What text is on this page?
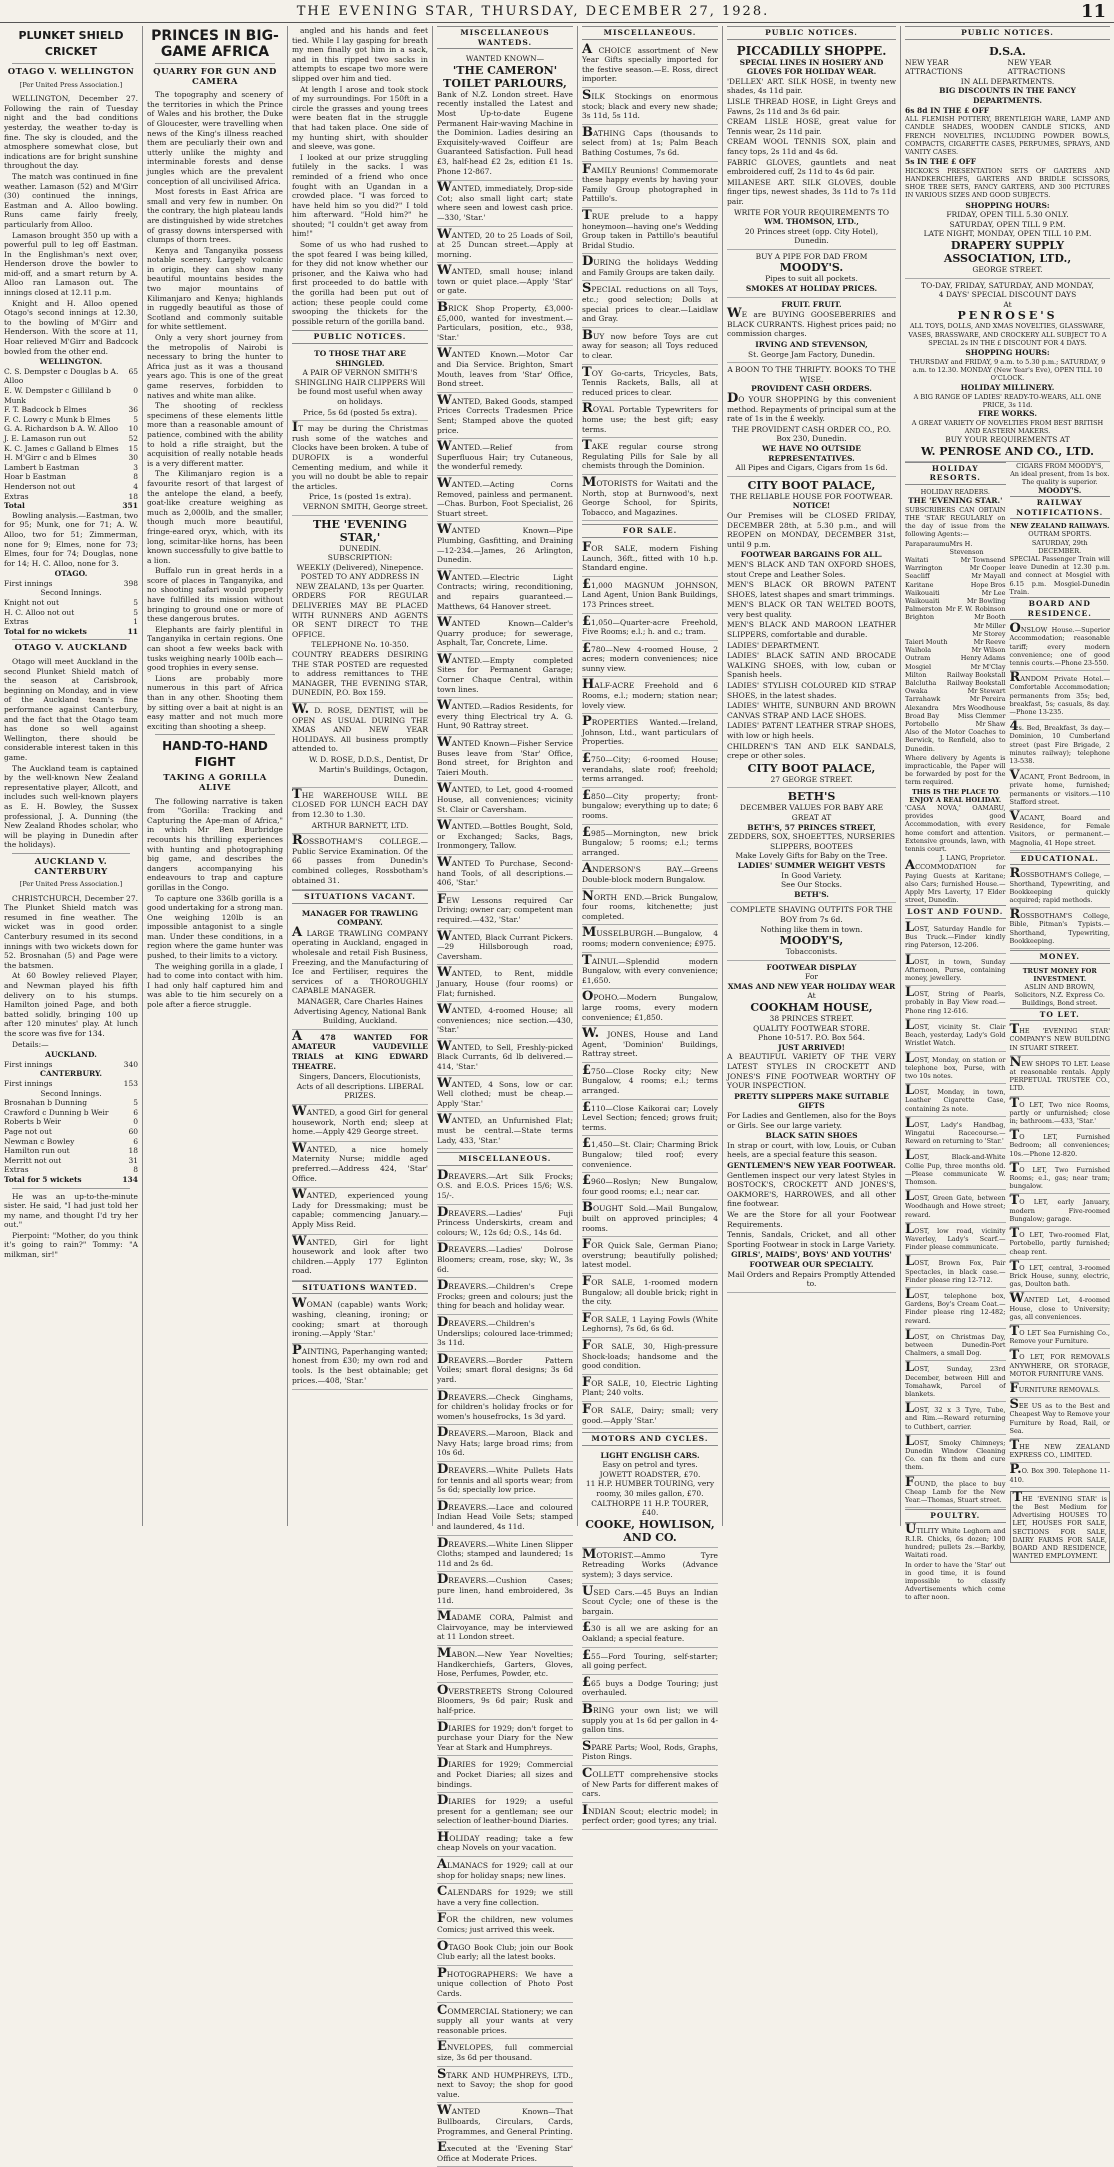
THE EVENING STAR, THURSDAY, DECEMBER 27, 1928.	11
PLUNKET SHIELD CRICKET
OTAGO V. WELLINGTON
[Per United Press Association.]
WELLINGTON, December 27. Following the rain of Tuesday night and the bad conditions yesterday, the weather to-day is fine. The sky is clouded, and the atmosphere somewhat close, but indications are for bright sunshine throughout the day.
The match was continued in fine weather. Lamason (52) and M'Girr (30) continued the innings, Eastman and A. Alloo bowling. Runs came fairly freely, particularly from Alloo.
Lamason brought 350 up with a powerful pull to leg off Eastman. In the Englishman's next over, Henderson drove the bowler to mid-off, and a smart return by A. Alloo ran Lamason out. The innings closed at 12.11 p.m.
Knight and H. Alloo opened Otago's second innings at 12.30, to the bowling of M'Girr and Henderson. With the score at 11, Hoar relieved M'Girr and Badcock bowled from the other end.
WELLINGTON.
C. S. Dempster c Douglas b A. Alloo
65
E. W. Dempster c Gilliland b Munk
0
F. T. Badcock b Elmes	36
F. C. Lowry c Munk b Elmes	5
G. A. Richardson b A. W. Alloo	10
J. E. Lamason run out	52
K. C. James c Galland b Elmes	15
H. M'Girr c and b Elmes	30
Lambert b Eastman	3
Hoar b Eastman	8
Henderson not out	4
Extras	18
Total	351
Bowling analysis.—Eastman, two for 95; Munk, one for 71; A. W. Alloo, two for 51; Zimmerman, none for 9; Elmes, none for 73; Elmes, four for 74; Douglas, none for 14; H. C. Alloo, none for 3.
OTAGO.
First innings	398
Second Innings.
Knight not out	5
H. C. Alloo not out	5
Extras	1
Total for no wickets	11
OTAGO V. AUCKLAND
Otago will meet Auckland in the second Plunket Shield match of the season at Carisbrook, beginning on Monday, and in view of the Auckland team's fine performance against Canterbury, and the fact that the Otago team has done so well against Wellington, there should be considerable interest taken in this game.
The Auckland team is captained by the well-known New Zealand representative player, Allcott, and includes such well-known players as E. H. Bowley, the Sussex professional, J. A. Dunning (the New Zealand Rhodes scholar, who will be playing in Dunedin after the holidays).
AUCKLAND V. CANTERBURY
[Per United Press Association.]
CHRISTCHURCH, December 27. The Plunket Shield match was resumed in fine weather. The wicket was in good order. Canterbury resumed in its second innings with two wickets down for 52. Brosnahan (5) and Page were the batsmen.
At 60 Bowley relieved Player, and Newman played his fifth delivery on to his stumps. Hamilton joined Page, and both batted solidly, bringing 100 up after 120 minutes' play. At lunch the score was five for 134.
Details:—
AUCKLAND.
First innings	340
CANTERBURY.
First innings	153
Second Innings.
Brosnahan b Dunning	5
Crawford c Dunning b Weir	6
Roberts b Weir	0
Page not out	60
Newman c Bowley	6
Hamilton run out	18
Merritt not out	31
Extras	8
Total for 5 wickets	134
He was an up-to-the-minute sister. He said, "I had just told her my name, and thought I'd try her out."
Pierpoint: "Mother, do you think it's going to rain?" Tommy: "A milkman, sir!"
PRINCES IN BIG-GAME AFRICA
QUARRY FOR GUN AND CAMERA
The topography and scenery of the territories in which the Prince of Wales and his brother, the Duke of Gloucester, were travelling when news of the King's illness reached them are peculiarly their own and utterly unlike the mighty and interminable forests and dense jungles which are the prevalent conception of all uncivilised Africa.
Most forests in East Africa are small and very few in number. On the contrary, the high plateau lands are distinguished by wide stretches of grassy downs interspersed with clumps of thorn trees.
Kenya and Tanganyika possess notable scenery. Largely volcanic in origin, they can show many beautiful mountains besides the two major mountains of Kilimanjaro and Kenya; highlands in ruggedly beautiful as those of Scotland and commonly suitable for white settlement.
Only a very short journey from the metropolis of Nairobi is necessary to bring the hunter to Africa just as it was a thousand years ago. This is one of the great game reserves, forbidden to natives and white man alike.
The shooting of reckless specimens of these elements little more than a reasonable amount of patience, combined with the ability to hold a rifle straight, but the acquisition of really notable heads is a very different matter.
The Kilimanjaro region is a favourite resort of that largest of the antelope the eland, a beefy, goat-like creature weighing as much as 2,000lb, and the smaller, though much more beautiful, fringe-eared oryx, which, with its long, scimitar-like horns, has been known successfully to give battle to a lion.
Buffalo run in great herds in a score of places in Tanganyika, and no shooting safari would properly have fulfilled its mission without bringing to ground one or more of these dangerous brutes.
Elephants are fairly plentiful in Tanganyika in certain regions. One can shoot a few weeks back with tusks weighing nearly 100lb each—good trophies in every sense.
Lions are probably more numerous in this part of Africa than in any other. Shooting them by sitting over a bait at night is an easy matter and not much more exciting than shooting a sheep.
HAND-TO-HAND FIGHT
TAKING A GORILLA ALIVE
The following narrative is taken from "Gorilla: Tracking and Capturing the Ape-man of Africa," in which Mr Ben Burbridge recounts his thrilling experiences with hunting and photographing big game, and describes the dangers accompanying his endeavours to trap and capture gorillas in the Congo.
To capture one 336lb gorilla is a good undertaking for a strong man. One weighing 120lb is an impossible antagonist to a single man. Under these conditions, in a region where the game hunter was pushed, to their limits to a victory.
The weighing gorilla in a glade, I had to come into contact with him. I had only half captured him and was able to tie him securely on a pole after a fierce struggle.
angled and his hands and feet tied. While I lay gasping for breath my men finally got him in a sack, and in this ripped two sacks in attempts to escape two more were slipped over him and tied.
At length I arose and took stock of my surroundings. For 150ft in a circle the grasses and young trees were beaten flat in the struggle that had taken place. One side of my hunting shirt, with shoulder and sleeve, was gone.
I looked at our prize struggling futilely in the sacks. I was reminded of a friend who once fought with an Ugandan in a crowded place. "I was forced to have held him so you did?" I told him afterward. "Hold him?" he shouted; "I couldn't get away from him!"
Some of us who had rushed to the spot feared I was being killed, for they did not know whether our prisoner, and the Kaiwa who had first proceeded to do battle with the gorilla had been put out of action; these people could come swooping the thickets for the possible return of the gorilla band.
PUBLIC NOTICES.
TO THOSE THAT ARE SHINGLED.
A PAIR OF VERNON SMITH'S SHINGLING HAIR CLIPPERS Will be found most useful when away on holidays.
Price, 5s 6d (posted 5s extra).
IT may be during the Christmas rush some of the watches and Clocks have been broken. A tube of DUROFIX is a wonderful Cementing medium, and while it you will no doubt be able to repair the articles.
Price, 1s (posted 1s extra).
VERNON SMITH, George street.
THE 'EVENING STAR,'
DUNEDIN.
SUBSCRIPTION:
WEEKLY (Delivered), Ninepence.
POSTED TO ANY ADDRESS IN NEW ZEALAND, 13s per Quarter.
ORDERS FOR REGULAR DELIVERIES MAY BE PLACED WITH RUNNERS AND AGENTS OR SENT DIRECT TO THE OFFICE.
TELEPHONE No. 10-350.
COUNTRY READERS DESIRING THE STAR POSTED are requested to address remittances to THE MANAGER, THE EVENING STAR, DUNEDIN, P.O. Box 159.
W. D. ROSE, DENTIST, will be OPEN AS USUAL DURING THE XMAS AND NEW YEAR HOLIDAYS. All business promptly attended to.
W. D. ROSE, D.D.S., Dentist, Dr Martin's Buildings, Octagon, Dunedin.
THE WAREHOUSE WILL BE CLOSED FOR LUNCH EACH DAY from 12.30 to 1.30.
ARTHUR BARNETT, LTD.
ROSSBOTHAM'S COLLEGE.—Public Service Examination. Of the 66 passes from Dunedin's combined colleges, Rossbotham's obtained 31.
SITUATIONS VACANT.
MANAGER FOR TRAWLING COMPANY.
A LARGE TRAWLING COMPANY operating in Auckland, engaged in wholesale and retail Fish Business, Freezing, and the Manufacturing of Ice and Fertiliser, requires the services of a THOROUGHLY CAPABLE MANAGER.
MANAGER, Care Charles Haines Advertising Agency, National Bank Building, Auckland.
A 478 WANTED FOR AMATEUR VAUDEVILLE TRIALS at KING EDWARD THEATRE.
Singers, Dancers, Elocutionists, Acts of all descriptions. LIBERAL PRIZES.
WANTED, a good Girl for general housework, North end; sleep at home.—Apply 429 George street.
WANTED, a nice homely Maternity Nurse; middle aged preferred.—Address 424, 'Star' Office.
WANTED, experienced young Lady for Dressmaking; must be capable; commencing January.—Apply Miss Reid.
WANTED, Girl for light housework and look after two children.—Apply 177 Eglinton road.
SITUATIONS WANTED.
WOMAN (capable) wants Work; washing, cleaning, ironing; or cooking; smart at thorough ironing.—Apply 'Star.'
PAINTING, Paperhanging wanted; honest from £30; my own rod and tools. Is the best obtainable; get prices.—408, 'Star.'
MISCELLANEOUS WANTEDS.
WANTED KNOWN—
'THE CAMERON' TOILET PARLOURS,
Bank of N.Z. London street. Have recently installed the Latest and Most Up-to-date Eugene Permanent Hair-waving Machine in the Dominion. Ladies desiring an Exquisitely-waved Coiffeur are Guaranteed Satisfaction. Full head £3, half-head £2 2s, edition £1 1s. Phone 12-867.
WANTED, immediately, Drop-side Cot; also small light cart; state where seen and lowest cash price.—330, 'Star.'
WANTED, 20 to 25 Loads of Soil, at 25 Duncan street.—Apply at morning.
WANTED, small house; inland town or quiet place.—Apply 'Star' or gate.
BRICK Shop Property, £3,000-£5,000, wanted for investment.—Particulars, position, etc., 938, 'Star.'
WANTED Known.—Motor Car and Dia Service. Brighton, Smart Mouth, leaves from 'Star' Office, Bond street.
WANTED, Baked Goods, stamped Prices Corrects Tradesmen Price Sent; Stamped above the quoted price.
WANTED.—Relief from Superfluous Hair; try Cutaneous, the wonderful remedy.
WANTED.—Acting Corns Removed, painless and permanent.—Chas. Burbon, Foot Specialist, 26 Stuart street.
WANTED Known—Pipe Plumbing, Gasfitting, and Draining—12-234.—James, 26 Arlington, Dunedin.
WANTED.—Electric Light Contracts; wiring, reconditioning, and repairs guaranteed.—Matthews, 64 Hanover street.
WANTED Known—Calder's Quarry produce; for sewerage, Asphalt, Tar, Concrete, Lime.
WANTED.—Empty completed Sites for Permanent Garage; Corner Chaque Central, within town lines.
WANTED.—Radios Residents, for every thing Electrical try A. G. Hunt, 90 Rattray street.
WANTED Known—Fisher Service Buses leave from 'Star' Office, Bond street, for Brighton and Taieri Mouth.
WANTED, to Let, good 4-roomed House, all conveniences; vicinity St. Clair or Caversham.
WANTED.—Bottles Bought, Sold, or Exchanged; Sacks, Bags, Ironmongery, Tallow.
WANTED To Purchase, Second-hand Tools, of all descriptions.—406, 'Star.'
FEW Lessons required Car Driving; owner car; competent man required.—432, 'Star.'
WANTED, Black Currant Pickers.—29 Hillsborough road, Caversham.
WANTED, to Rent, middle January, House (four rooms) or Flat; furnished.
WANTED, 4-roomed House; all conveniences; nice section.—430, 'Star.'
WANTED, to Sell, Freshly-picked Black Currants, 6d lb delivered.—414, 'Star.'
WANTED, 4 Sons, low or car. Well clothed; must be cheap.—Apply 'Star.'
WANTED, an Unfurnished Flat; must be central.—State terms Lady, 433, 'Star.'
MISCELLANEOUS.
DREAVERS.—Art Silk Frocks; O.S. and E.O.S. Prices 15/6; W.S. 15/-.
DREAVERS.—Ladies' Fuji Princess Underskirts, cream and colours; W., 12s 6d; O.S., 14s 6d.
DREAVERS.—Ladies' Dolrose Bloomers; cream, rose, sky; W., 3s 6d.
DREAVERS.—Children's Crepe Frocks; green and colours; just the thing for beach and holiday wear.
DREAVERS.—Children's Underslips; coloured lace-trimmed; 3s 11d.
DREAVERS.—Border Pattern Voiles; smart floral designs; 3s 6d yard.
DREAVERS.—Check Ginghams, for children's holiday frocks or for women's housefrocks, 1s 3d yard.
DREAVERS.—Maroon, Black and Navy Hats; large broad rims; from 10s 6d.
DREAVERS.—White Pullets Hats for tennis and all sports wear; from 5s 6d; specially low price.
DREAVERS.—Lace and coloured Indian Head Voile Sets; stamped and laundered, 4s 11d.
DREAVERS.—White Linen Slipper Cloths; stamped and laundered; 1s 11d and 2s 6d.
DREAVERS.—Cushion Cases; pure linen, hand embroidered, 3s 11d.
MADAME CORA, Palmist and Clairvoyance, may be interviewed at 11 London street.
MABON.—New Year Novelties; Handkerchiefs, Garters, Gloves, Hose, Perfumes, Powder, etc.
OVERSTREETS Strong Coloured Bloomers, 9s 6d pair; Rusk and half-price.
DIARIES for 1929; don't forget to purchase your Diary for the New Year at Stark and Humphreys.
DIARIES for 1929; Commercial and Pocket Diaries; all sizes and bindings.
DIARIES for 1929; a useful present for a gentleman; see our selection of leather-bound Diaries.
HOLIDAY reading; take a few cheap Novels on your vacation.
ALMANACS for 1929; call at our shop for holiday snaps; new lines.
CALENDARS for 1929; we still have a very fine collection.
FOR the children, new volumes Comics; just arrived this week.
OTAGO Book Club; join our Book Club early; all the latest books.
PHOTOGRAPHERS: We have a unique collection of Photo Post Cards.
COMMERCIAL Stationery; we can supply all your wants at very reasonable prices.
ENVELOPES, full commercial size, 3s 6d per thousand.
STARK AND HUMPHREYS, LTD., next to Savoy; the shop for good value.
WANTED Known—That Bullboards, Circulars, Cards, Programmes, and General Printing.
Executed at the 'Evening Star' Office at Moderate Prices.
MISCELLANEOUS.
A CHOICE assortment of New Year Gifts specially imported for the festive season.—E. Ross, direct importer.
SILK Stockings on enormous stock; black and every new shade; 3s 11d, 5s 11d.
BATHING Caps (thousands to select from) at 1s; Palm Beach Bathing Costumes, 7s 6d.
FAMILY Reunions! Commemorate these happy events by having your Family Group photographed in Pattillo's.
TRUE prelude to a happy honeymoon—having one's Wedding Group taken in Pattillo's beautiful Bridal Studio.
DURING the holidays Wedding and Family Groups are taken daily.
SPECIAL reductions on all Toys, etc.; good selection; Dolls at special prices to clear.—Laidlaw and Gray.
BUY now before Toys are cut away for season; all Toys reduced to clear.
TOY Go-carts, Tricycles, Bats, Tennis Rackets, Balls, all at reduced prices to clear.
ROYAL Portable Typewriters for home use; the best gift; easy terms.
TAKE regular course strong Regulating Pills for Sale by all chemists through the Dominion.
MOTORISTS for Waitati and the North, stop at Burnwood's, next George School, for Spirits, Tobacco, and Magazines.
FOR SALE.
FOR SALE, modern Fishing Launch, 36ft., fitted with 10 h.p. Standard engine.
£1,000 MAGNUM JOHNSON, Land Agent, Union Bank Buildings, 173 Princes street.
£1,050—Quarter-acre Freehold, Five Rooms; e.l.; h. and c.; tram.
£780—New 4-roomed House, 2 acres; modern conveniences; nice sunny view.
HALF-ACRE Freehold and 6 Rooms, e.l.; modern; station near; lovely view.
PROPERTIES Wanted.—Ireland, Johnson, Ltd., want particulars of Properties.
£750—City; 6-roomed House; verandahs, slate roof; freehold; terms arranged.
£850—City property; front-bungalow; everything up to date; 6 rooms.
£985—Mornington, new brick Bungalow; 5 rooms; e.l.; terms arranged.
ANDERSON'S BAY.—Greens Double-block modern Bungalow.
NORTH END.—Brick Bungalow, four rooms, kitchenette; just completed.
MUSSELBURGH.—Bungalow, 4 rooms; modern convenience; £975.
TAINUI.—Splendid modern Bungalow, with every convenience; £1,650.
OPOHO.—Modern Bungalow, large rooms, every modern convenience; £1,850.
W. JONES, House and Land Agent, 'Dominion' Buildings, Rattray street.
£750—Close Rocky city; New Bungalow, 4 rooms; e.l.; terms arranged.
£110—Close Kaikorai car; Lovely Level Section; fenced; grows fruit; terms.
£1,450—St. Clair; Charming Brick Bungalow; tiled roof; every convenience.
£960—Roslyn; New Bungalow, four good rooms; e.l.; near car.
BOUGHT Sold.—Mail Bungalow, built on approved principles; 4 rooms.
FOR Quick Sale, German Piano; overstrung; beautifully polished; latest model.
FOR SALE, 1-roomed modern Bungalow; all double brick; right in the city.
FOR SALE, 1 Laying Fowls (White Leghorns), 7s 6d, 6s 6d.
FOR SALE, 30, High-pressure Shock-loads; handsome and the good condition.
FOR SALE, 10, Electric Lighting Plant; 240 volts.
FOR SALE, Dairy; small; very good.—Apply 'Star.'
MOTORS AND CYCLES.
LIGHT ENGLISH CARS.
Easy on petrol and tyres.
JOWETT ROADSTER, £70.
11 H.P. HUMBER TOURING, very roomy, 30 miles gallon, £70.
CALTHORPE 11 H.P. TOURER, £40.
COOKE, HOWLISON, AND CO.
MOTORIST.—Ammo Tyre Retreading Works (Advance system); 3 days service.
USED Cars.—45 Buys an Indian Scout Cycle; one of these is the bargain.
£30 is all we are asking for an Oakland; a special feature.
£55—Ford Touring, self-starter; all going perfect.
£65 buys a Dodge Touring; just overhauled.
BRING your own list; we will supply you at 1s 6d per gallon in 4-gallon tins.
SPARE Parts; Wool, Rods, Graphs, Piston Rings.
COLLETT comprehensive stocks of New Parts for different makes of cars.
INDIAN Scout; electric model; in perfect order; good tyres; any trial.
PUBLIC NOTICES.
PICCADILLY SHOPPE.
SPECIAL LINES IN HOSIERY AND GLOVES FOR HOLIDAY WEAR.
'DELLEX' ART. SILK HOSE, in twenty new shades, 4s 11d pair.
LISLE THREAD HOSE, in Light Greys and Fawns, 2s 11d and 3s 6d pair.
CREAM LISLE HOSE, great value for Tennis wear, 2s 11d pair.
CREAM WOOL TENNIS SOX, plain and fancy tops, 2s 11d and 4s 6d.
FABRIC GLOVES, gauntlets and neat embroidered cuff, 2s 11d to 4s 6d pair.
MILANESE ART. SILK GLOVES, double finger tips, newest shades, 3s 11d to 7s 11d pair.
WRITE FOR YOUR REQUIREMENTS TO
WM. THOMSON, LTD.,
20 Princes street (opp. City Hotel), Dunedin.
BUY A PIPE FOR DAD FROM
MOODY'S.
Pipes to suit all pockets.
SMOKES AT HOLIDAY PRICES.
FRUIT. FRUIT.
WE are BUYING GOOSEBERRIES and BLACK CURRANTS. Highest prices paid; no commission charges.
IRVING AND STEVENSON,
St. George Jam Factory, Dunedin.
A BOON TO THE THRIFTY. BOOKS TO THE WISE.
PROVIDENT CASH ORDERS.
DO YOUR SHOPPING by this convenient method. Repayments of principal sum at the rate of 1s in the £ weekly.
THE PROVIDENT CASH ORDER CO., P.O. Box 230, Dunedin.
WE HAVE NO OUTSIDE REPRESENTATIVES.
All Pipes and Cigars, Cigars from 1s 6d.
CITY BOOT PALACE,
THE RELIABLE HOUSE FOR FOOTWEAR.
NOTICE!
Our Premises will be CLOSED FRIDAY, DECEMBER 28th, at 5.30 p.m., and will REOPEN on MONDAY, DECEMBER 31st, until 9 p.m.
FOOTWEAR BARGAINS FOR ALL.
MEN'S BLACK AND TAN OXFORD SHOES, stout Crepe and Leather Soles.
MEN'S BLACK OR BROWN PATENT SHOES, latest shapes and smart trimmings.
MEN'S BLACK OR TAN WELTED BOOTS, very best quality.
MEN'S BLACK AND MAROON LEATHER SLIPPERS, comfortable and durable.
LADIES' DEPARTMENT.
LADIES' BLACK SATIN AND BROCADE WALKING SHOES, with low, cuban or Spanish heels.
LADIES' STYLISH COLOURED KID STRAP SHOES, in the latest shades.
LADIES' WHITE, SUNBURN AND BROWN CANVAS STRAP AND LACE SHOES.
LADIES' PATENT LEATHER STRAP SHOES, with low or high heels.
CHILDREN'S TAN AND ELK SANDALS, crepe or other soles.
CITY BOOT PALACE,
27 GEORGE STREET.
BETH'S
DECEMBER VALUES FOR BABY ARE GREAT AT
BETH'S, 57 PRINCES STREET,
ZEDDERS, SOX, SHOEETTES, NURSERIES SLIPPERS, BOOTEES
Make Lovely Gifts for Baby on the Tree.
LADIES' SUMMER WEIGHT VESTS
In Good Variety.
See Our Stocks.
BETH'S.
COMPLETE SHAVING OUTFITS FOR THE BOY from 7s 6d.
Nothing like them in town.
MOODY'S,
Tobacconists.
FOOTWEAR DISPLAY
For
XMAS AND NEW YEAR HOLIDAY WEAR
At
COOKHAM HOUSE,
38 PRINCES STREET.
QUALITY FOOTWEAR STORE.
Phone 10-517. P.O. Box 564.
JUST ARRIVED!
A BEAUTIFUL VARIETY OF THE VERY LATEST STYLES IN CROCKETT AND JONES'S FINE FOOTWEAR WORTHY OF YOUR INSPECTION.
PRETTY SLIPPERS MAKE SUITABLE GIFTS
For Ladies and Gentlemen, also for the Boys or Girls. See our large variety.
BLACK SATIN SHOES
In strap or court, with low, Louis, or Cuban heels, are a special feature this season.
GENTLEMEN'S NEW YEAR FOOTWEAR.
Gentlemen inspect our very latest Styles in BOSTOCK'S, CROCKETT AND JONES'S, OAKMORE'S, HARROWES, and all other fine footwear.
We are the Store for all your Footwear Requirements.
Tennis, Sandals, Cricket, and all other Sporting Footwear in stock in Large Variety.
GIRLS', MAIDS', BOYS' AND YOUTHS' FOOTWEAR OUR SPECIALTY.
Mail Orders and Repairs Promptly Attended to.
PUBLIC NOTICES.
D.S.A.
NEW YEAR ATTRACTIONS
NEW YEAR ATTRACTIONS
IN ALL DEPARTMENTS.
BIG DISCOUNTS IN THE FANCY DEPARTMENTS.
6s 8d IN THE £ OFF
ALL FLEMISH POTTERY, BRENTLEIGH WARE, LAMP AND CANDLE SHADES, WOODEN CANDLE STICKS, AND FRENCH NOVELTIES, INCLUDING POWDER BOWLS, COMPACTS, CIGARETTE CASES, PERFUMES, SPRAYS, AND VANITY CASES.
5s IN THE £ OFF
HICKOK'S PRESENTATION SETS OF GARTERS AND HANDKERCHIEFS, GARTERS AND BRIDLE SCISSORS, SHOE TREE SETS, FANCY GARTERS, AND 300 PICTURES IN VARIOUS SIZES AND GOOD SUBJECTS.
SHOPPING HOURS:
FRIDAY, OPEN TILL 5.30 ONLY.
SATURDAY, OPEN TILL 9 P.M.
LATE NIGHT, MONDAY, OPEN TILL 10 P.M.
DRAPERY SUPPLY ASSOCIATION, LTD.,
GEORGE STREET.
TO-DAY, FRIDAY, SATURDAY, AND MONDAY,
4 DAYS' SPECIAL DISCOUNT DAYS
At
PENROSE'S
ALL TOYS, DOLLS, AND XMAS NOVELTIES, GLASSWARE, VASES, BRASSWARE, AND CROCKERY ALL SUBJECT TO A SPECIAL 2s IN THE £ DISCOUNT FOR 4 DAYS.
SHOPPING HOURS:
THURSDAY and FRIDAY, 9 a.m. to 5.30 p.m.; SATURDAY, 9 a.m. to 12.30. MONDAY (New Year's Eve), OPEN TILL 10 O'CLOCK.
HOLIDAY MILLINERY.
A BIG RANGE OF LADIES' READY-TO-WEARS, ALL ONE PRICE, 3s 11d.
FIRE WORKS.
A GREAT VARIETY OF NOVELTIES FROM BEST BRITISH AND EASTERN MAKERS.
BUY YOUR REQUIREMENTS AT
W. PENROSE AND CO., LTD.
HOLIDAY RESORTS.
HOLIDAY READERS.
THE 'EVENING STAR.'
SUBSCRIBERS CAN OBTAIN THE 'STAR' REGULARLY on the day of issue from the following Agents:—
Paraparaumu Mrs H. Stevenson
Waitati	Mr Townsend
Warrington	Mr Cooper
Seacliff	Mr Mayall
Karitane	Hope Bros
Waikouaiti	Mr Lee
Waikouaiti	Mr Bowling
Palmerston Mr F. W. Robinson
Brighton	Mr Booth
Mr Miller
Mr Storey
Taieri Mouth	Mr Reeve
Waihola	Mr Wilson
Outram	Henry Adams
Mosgiel	Mr M'Clay
Milton	Railway Bookstall
Balclutha	Railway Bookstall
Owaka	Mr Stewart
Tarrahawk	Mr Pereira
Alexandra	Mrs Woodhouse
Broad Bay	Miss Clemmer
Portobello	Mr Shaw
Also of the Motor Coaches to Berwick, to Renfield, also to Dunedin.
Where delivery by Agents is impracticable, the Paper will be forwarded by post for the term required.
THIS IS THE PLACE TO ENJOY A REAL HOLIDAY.
'CASA NOVA,' OAMARU, provides good Accommodation, with every home comfort and attention. Extensive grounds, lawn, with tennis court.
J. LANG, Proprietor.
ACCOMMODATION for Paying Guests at Karitane; also Cars; furnished House.—Apply Mrs Laverty, 17 Elder street, Dunedin.
LOST AND FOUND.
LOST, Saturday Handle for Bus Truck.—Finder kindly ring Paterson, 12-206.
LOST, in town, Sunday Afternoon, Purse, containing money, jewellery.
LOST, String of Pearls, probably in Bay View road.—Phone ring 12-616.
LOST, vicinity St. Clair Beach, yesterday, Lady's Gold Wristlet Watch.
LOST, Monday, on station or telephone box, Purse, with two 10s notes.
LOST, Monday, in town, Leather Cigarette Case, containing 2s note.
LOST, Lady's Handbag, Wingatui Racecourse.—Reward on returning to 'Star.'
LOST, Black-and-White Collie Pup, three months old.—Please communicate W. Thomson.
LOST, Green Gate, between Woodhaugh and Howe street; reward.
LOST, low road, vicinity Waverley, Lady's Scarf.—Finder please communicate.
LOST, Brown Fox, Pair Spectacles, in black case.—Finder please ring 12-712.
LOST, telephone box, Gardens, Boy's Cream Coat.—Finder please ring 12-482; reward.
LOST, on Christmas Day, between Dunedin-Port Chalmers, a small Dog.
LOST, Sunday, 23rd December, between Hill and Tomahawk, Parcel of blankets.
LOST, 32 x 3 Tyre, Tube, and Rim.—Reward returning to Cuthbert, carrier.
LOST, Smoky Chimneys; Dunedin Window Cleaning Co. can fix them and cure them.
FOUND, the place to buy Cheap Lamb for the New Year.—Thomas, Stuart street.
POULTRY.
UTILITY White Leghorn and R.I.R. Chicks, 6s dozen; 100 hundred; pullets 2s.—Barkby, Waitati road.
In order to have the 'Star' out in good time, it is found impossible to classify Advertisements which come to after noon.
CIGARS FROM MOODY'S,
An ideal present, from 1s box.
The quality is superior.
MOODY'S.
RAILWAY NOTIFICATIONS.
NEW ZEALAND RAILWAYS.
OUTRAM SPORTS.
SATURDAY, 29th DECEMBER.
SPECIAL Passenger Train will leave Dunedin at 12.30 p.m. and connect at Mosgiel with 6.15 p.m. Mosgiel-Dunedin Train.
BOARD AND RESIDENCE.
ONSLOW House.—Superior Accommodation; reasonable tariff; every modern convenience; one of good tennis courts.—Phone 23-550.
RANDOM Private Hotel.—Comfortable Accommodation; permanents from 35s; bed, breakfast, 5s; casuals, 8s day.—Phone 13-235.
4s. Bed, Breakfast, 3s day.—Dominion, 10 Cumberland street (past Fire Brigade, 2 minutes railway); telephone 13-538.
VACANT, Front Bedroom, in private home, furnished; permanents or visitors.—110 Stafford street.
VACANT, Board and Residence, for Female Visitors, or permanent.—Magnolia, 41 Hope street.
EDUCATIONAL.
ROSSBOTHAM'S College, — Shorthand, Typewriting, and Bookkeeping quickly acquired; rapid methods.
ROSSBOTHAM'S College, Bible, Pitman's Typists.—Shorthand, Typewriting, Bookkeeping.
MONEY.
TRUST MONEY FOR INVESTMENT.
ASLIN AND BROWN, Solicitors, N.Z. Express Co. Buildings, Bond street.
TO LET.
THE 'EVENING STAR' COMPANY'S NEW BUILDING IN STUART STREET.
NEW SHOPS TO LET. Lease at reasonable rentals. Apply PERPETUAL TRUSTEE CO., LTD.
TO LET, Two nice Rooms, partly or unfurnished; close in; bathroom.—433, 'Star.'
TO LET, Furnished Bedroom; all conveniences; 10s.—Phone 12-820.
TO LET, Two Furnished Rooms; e.l., gas; near tram; bungalow.
TO LET, early January, modern Five-roomed Bungalow; garage.
TO LET, Two-roomed Flat, Portobello, partly furnished; cheap rent.
TO LET, central, 3-roomed Brick House, sunny, electric, gas, Doulton bath.
WANTED Let, 4-roomed House, close to University; gas, all conveniences.
TO LET Sea Furnishing Co., Remove your Furniture.
TO LET, FOR REMOVALS ANYWHERE, OR STORAGE, MOTOR FURNITURE VANS.
FURNITURE REMOVALS.
SEE US as to the Best and Cheapest Way to Remove your Furniture by Road, Rail, or Sea.
THE NEW ZEALAND EXPRESS CO., LIMITED.
P.O. Box 390. Telephone 11-410.
THE 'EVENING STAR' is the Best Medium for Advertising HOUSES TO LET, HOUSES FOR SALE, SECTIONS FOR SALE, DAIRY FARMS FOR SALE, BOARD AND RESIDENCE, WANTED EMPLOYMENT.
